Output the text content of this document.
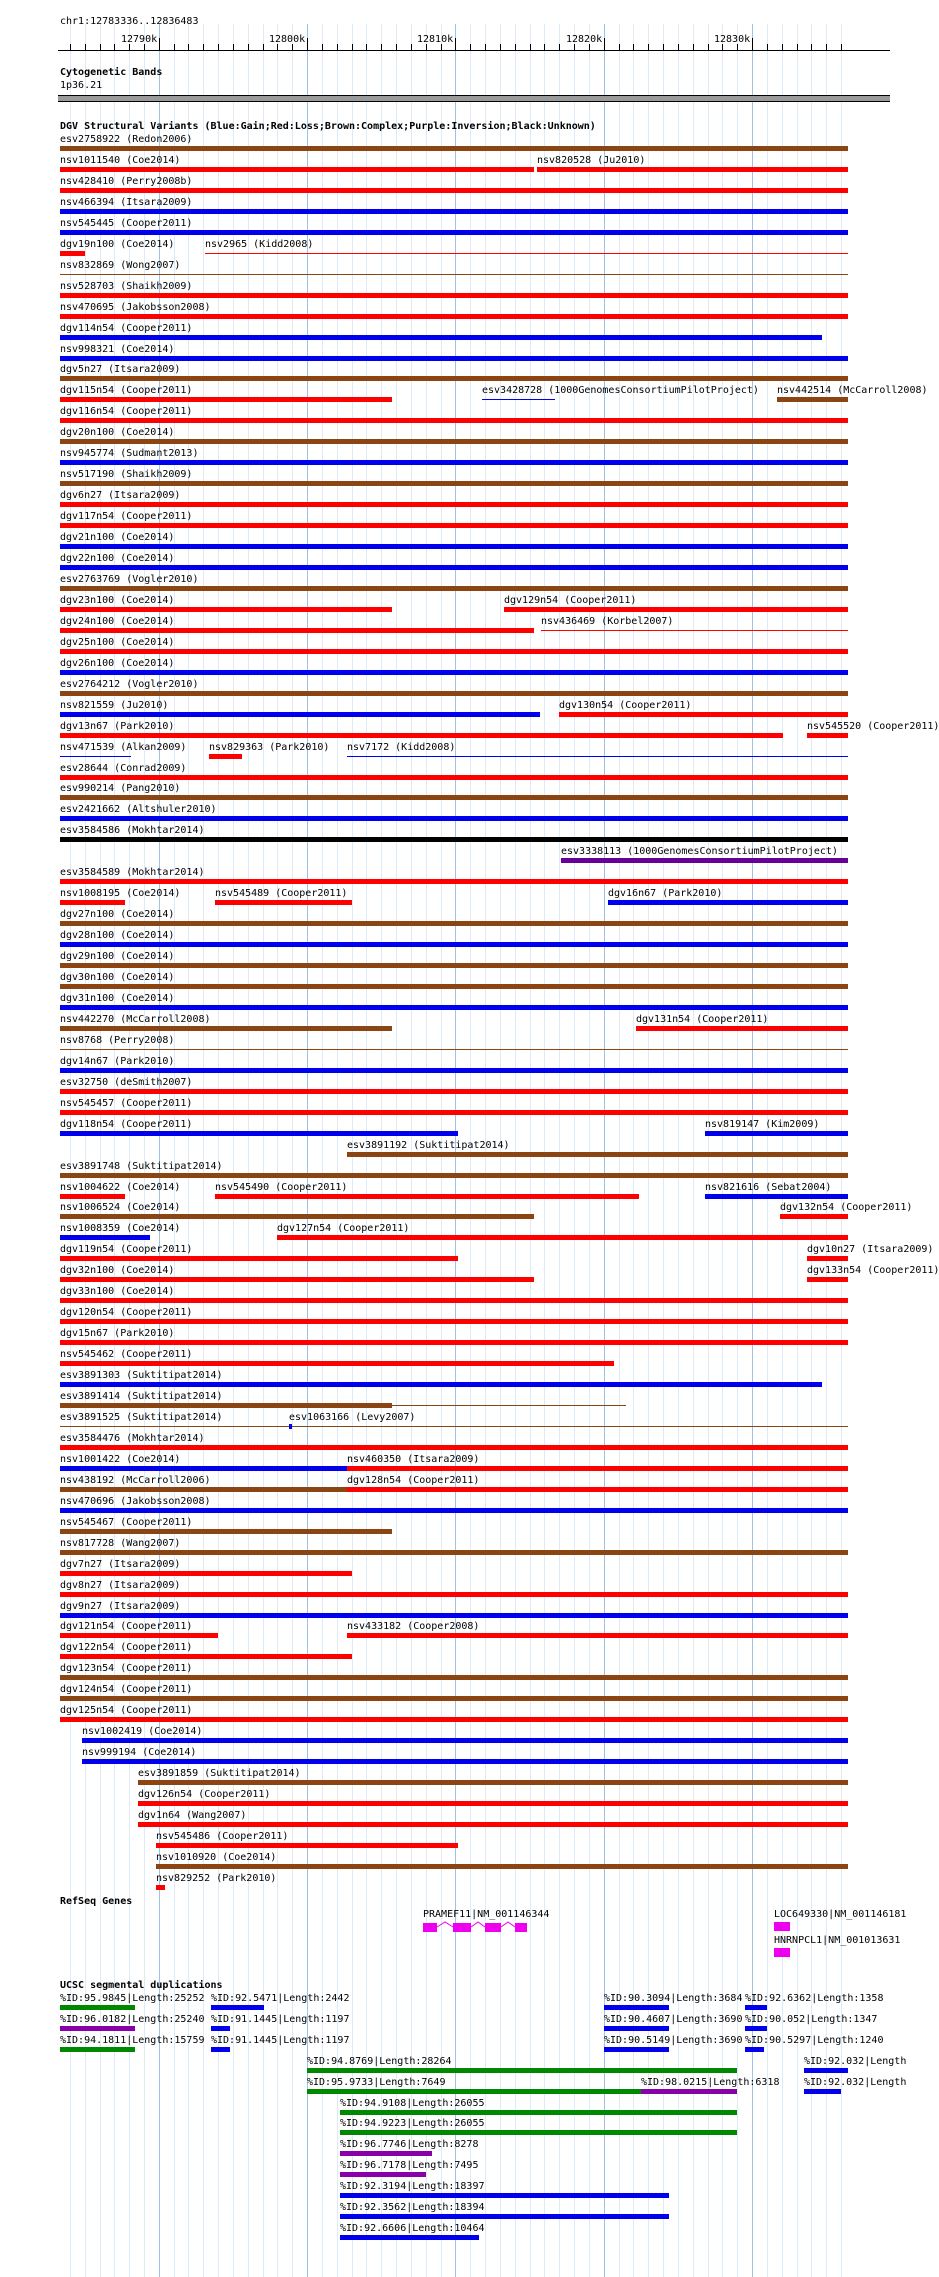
chr1:12783336..12836483
12790k	12800k	12810k	12820k	12830k
Cytogenetic Bands
1p36.21
DGV Structural Variants (Blue:Gain;Red:Loss;Brown:Complex;Purple:Inversion;Black:Unknown)
esv2758922 (Redon2006)
nsv1011540 (Coe2014)	nsv820528 (Ju2010)
nsv428410 (Perry2008b)
nsv466394 (Itsara2009)
nsv545445 (Cooper2011)
dgv19n100 (Coe2014)	nsv2965 (Kidd2008)
nsv832869 (Wong2007)
nsv528703 (Shaikh2009)
nsv470695 (Jakobsson2008)
dgv114n54 (Cooper2011)
nsv998321 (Coe2014)
dgv5n27 (Itsara2009)
dgv115n54 (Cooper2011)	esv3428728 (1000GenomesConsortiumPilotProject) nsv442514 (McCarroll2008)
dgv116n54 (Cooper2011)
dgv20n100 (Coe2014)
nsv945774 (Sudmant2013)
nsv517190 (Shaikh2009)
dgv6n27 (Itsara2009)
dgv117n54 (Cooper2011)
dgv21n100 (Coe2014)
dgv22n100 (Coe2014)
esv2763769 (Vogler2010)
dgv23n100 (Coe2014)	dgv129n54 (Cooper2011)
dgv24n100 (Coe2014)	nsv436469 (Korbel2007)
dgv25n100 (Coe2014)
dgv26n100 (Coe2014)
esv2764212 (Vogler2010)
nsv821559 (Ju2010)	dgv130n54 (Cooper2011)
dgv13n67 (Park2010)	nsv545520 (Cooper2011)
nsv471539 (Alkan2009) nsv829363 (Park2010) nsv7172 (Kidd2008)
esv28644 (Conrad2009)
esv990214 (Pang2010)
esv2421662 (Altshuler2010)
esv3584586 (Mokhtar2014)
esv3338113 (1000GenomesConsortiumPilotProject)
esv3584589 (Mokhtar2014)
nsv1008195 (Coe2014)	nsv545489 (Cooper2011)	dgv16n67 (Park2010)
dgv27n100 (Coe2014)
dgv28n100 (Coe2014)
dgv29n100 (Coe2014)
dgv30n100 (Coe2014)
dgv31n100 (Coe2014)
nsv442270 (McCarroll2008)	dgv131n54 (Cooper2011)
nsv8768 (Perry2008)
dgv14n67 (Park2010)
esv32750 (deSmith2007)
nsv545457 (Cooper2011)
dgv118n54 (Cooper2011)	nsv819147 (Kim2009)
esv3891192 (Suktitipat2014)
esv3891748 (Suktitipat2014)
nsv1004622 (Coe2014)	nsv545490 (Cooper2011)	nsv821616 (Sebat2004)
nsv1006524 (Coe2014)	dgv132n54 (Cooper2011)
nsv1008359 (Coe2014)	dgv127n54 (Cooper2011)
dgv119n54 (Cooper2011)	dgv10n27 (Itsara2009)
dgv32n100 (Coe2014)	dgv133n54 (Cooper2011)
dgv33n100 (Coe2014)
dgv120n54 (Cooper2011)
dgv15n67 (Park2010)
nsv545462 (Cooper2011)
esv3891303 (Suktitipat2014)
esv3891414 (Suktitipat2014)
esv3891525 (Suktitipat2014)	esv1063166 (Levy2007)
esv3584476 (Mokhtar2014)
nsv1001422 (Coe2014)	nsv460350 (Itsara2009)
nsv438192 (McCarroll2006)	dgv128n54 (Cooper2011)
nsv470696 (Jakobsson2008)
nsv545467 (Cooper2011)
nsv817728 (Wang2007)
dgv7n27 (Itsara2009)
dgv8n27 (Itsara2009)
dgv9n27 (Itsara2009)
dgv121n54 (Cooper2011)	nsv433182 (Cooper2008)
dgv122n54 (Cooper2011)
dgv123n54 (Cooper2011)
dgv124n54 (Cooper2011)
dgv125n54 (Cooper2011)
nsv1002419 (Coe2014)
nsv999194 (Coe2014)
esv3891859 (Suktitipat2014)
dgv126n54 (Cooper2011)
dgv1n64 (Wang2007)
nsv545486 (Cooper2011)
nsv1010920 (Coe2014)
nsv829252 (Park2010)
RefSeq Genes
PRAMEF11|NM_001146344	LOC649330|NM_001146181
HNRNPCL1|NM_001013631
UCSC segmental duplications
%ID:95.9845|Length:25252 %ID:92.5471|Length:2442	%ID:90.3094|Length:3684 %ID:92.6362|Length:1358
%ID:96.0182|Length:25240 %ID:91.1445|Length:1197	%ID:90.4607|Length:3690 %ID:90.052|Length:1347
%ID:94.1811|Length:15759 %ID:91.1445|Length:1197	%ID:90.5149|Length:3690 %ID:90.5297|Length:1240
%ID:94.8769|Length:28264	%ID:92.032|Length
%ID:95.9733|Length:7649	%ID:98.0215|Length:6318 %ID:92.032|Length
%ID:94.9108|Length:26055
%ID:94.9223|Length:26055
%ID:96.7746|Length:8278
%ID:96.7178|Length:7495
%ID:92.3194|Length:18397
%ID:92.3562|Length:18394
%ID:92.6606|Length:10464
